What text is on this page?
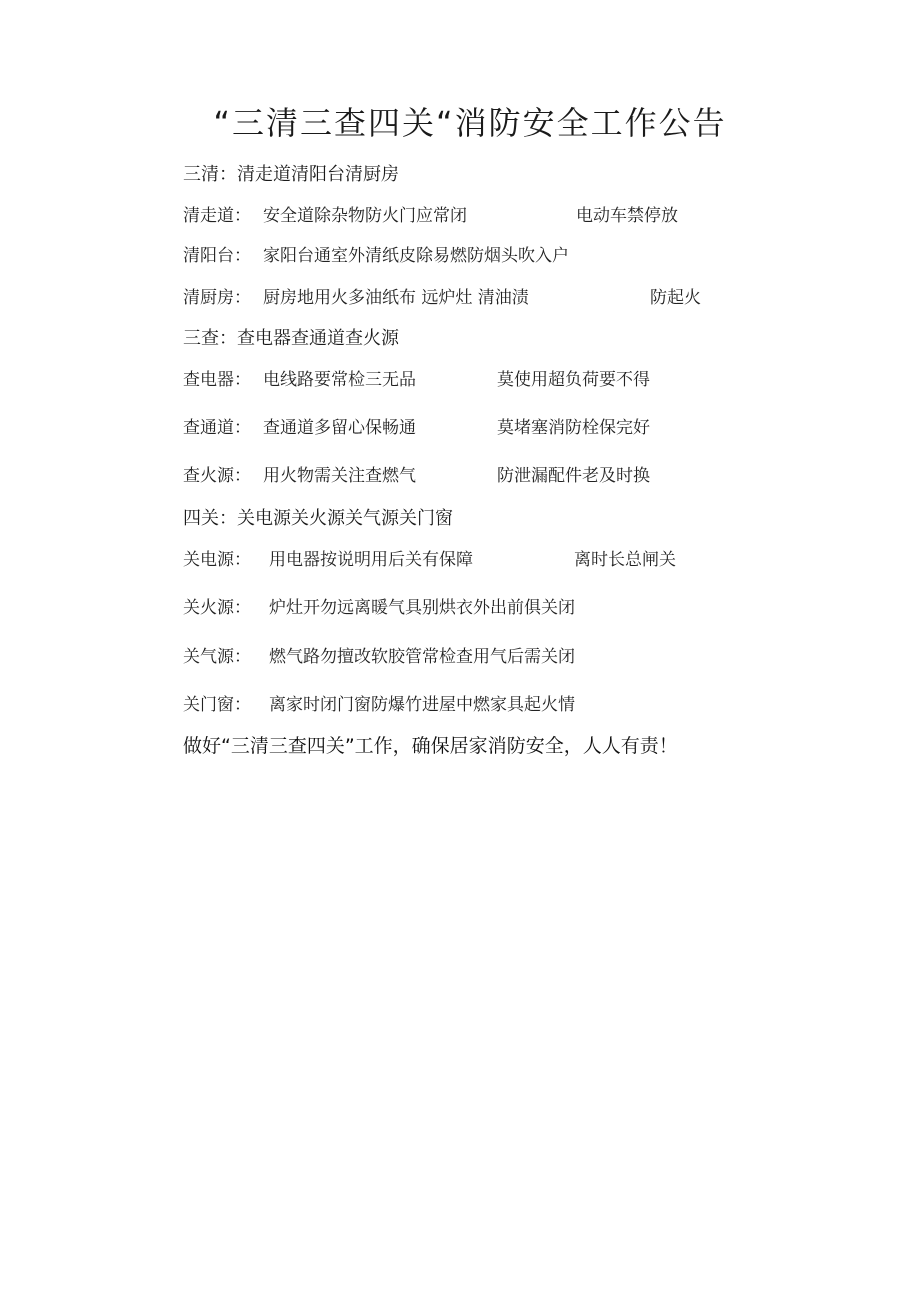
“三清三查四关“消防安全工作公告
三清：清走道清阳台清厨房
清走道： 安全道除杂物防火门应常闭	电动车禁停放
清阳台： 家阳台通室外清纸皮除易燃防烟头吹入户
清厨房： 厨房地用火多油纸布 远炉灶 清油渍	防起火
三查：查电器查通道查火源
查电器： 电线路要常检三无品	莫使用超负荷要不得
查通道： 查通道多留心保畅通	莫堵塞消防栓保完好
查火源： 用火物需关注查燃气	防泄漏配件老及时换
四关：关电源关火源关气源关门窗
关电源： 用电器按说明用后关有保障	离时长总闸关
关火源： 炉灶开勿远离暖气具别烘衣外出前俱关闭
关气源： 燃气路勿擅改软胶管常检查用气后需关闭
关门窗： 离家时闭门窗防爆竹进屋中燃家具起火情
做好“三清三查四关”工作，确保居家消防安全，人人有责！
